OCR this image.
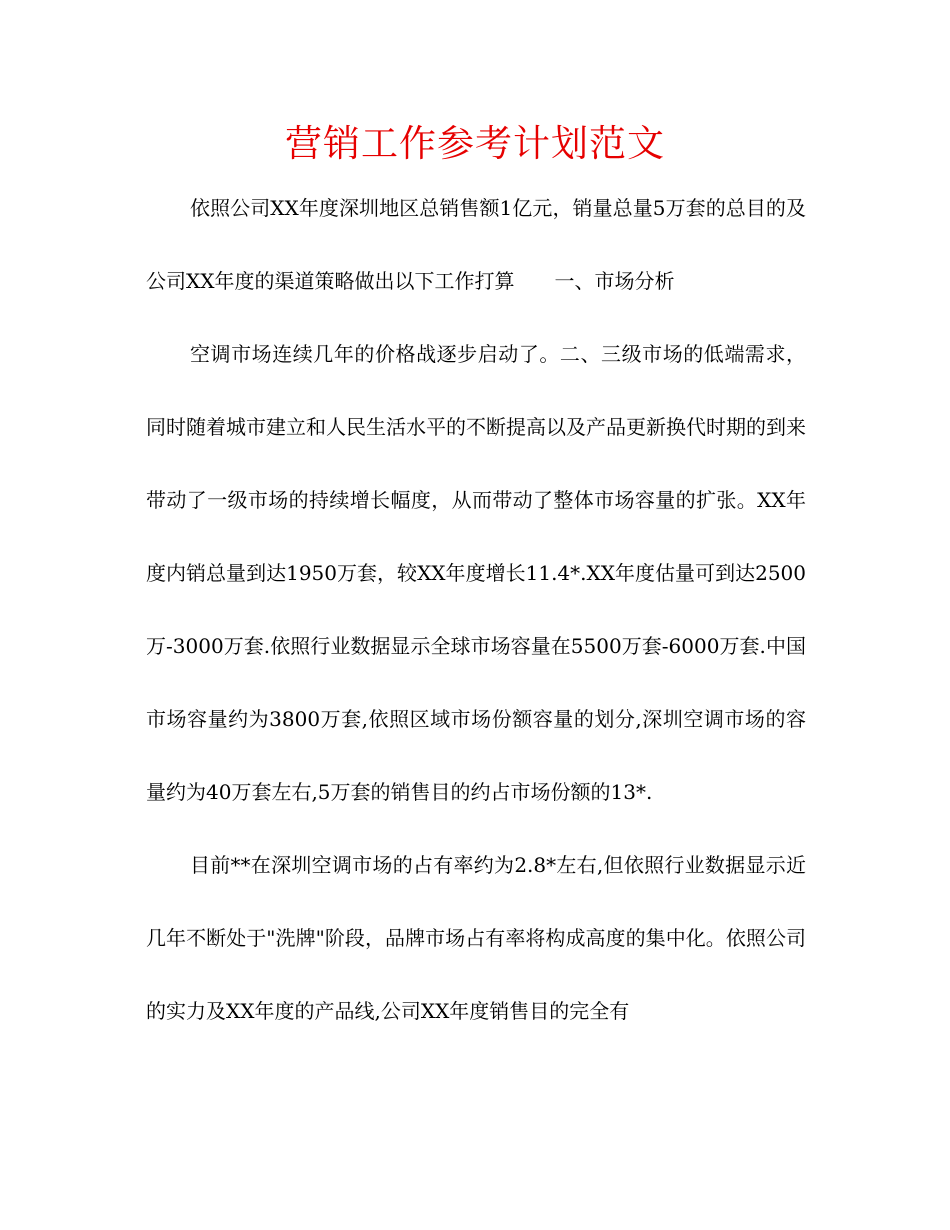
营销工作参考计划范文

依照公司XX年度深圳地区总销售额1亿元，销量总量5万套的总目的及公司XX年度的渠道策略做出以下工作打算　　一、市场分析

空调市场连续几年的价格战逐步启动了。二、三级市场的低端需求，同时随着城市建立和人民生活水平的不断提高以及产品更新换代时期的到来带动了一级市场的持续增长幅度，从而带动了整体市场容量的扩张。XX年度内销总量到达1950万套，较XX年度增长11.4*.XX年度估量可到达2500万-3000万套.依照行业数据显示全球市场容量在5500万套-6000万套.中国市场容量约为3800万套,依照区域市场份额容量的划分,深圳空调市场的容量约为40万套左右,5万套的销售目的约占市场份额的13*.

目前**在深圳空调市场的占有率约为2.8*左右,但依照行业数据显示近几年不断处于"洗牌"阶段，品牌市场占有率将构成高度的集中化。依照公司的实力及XX年度的产品线,公司XX年度销售目的完全有
